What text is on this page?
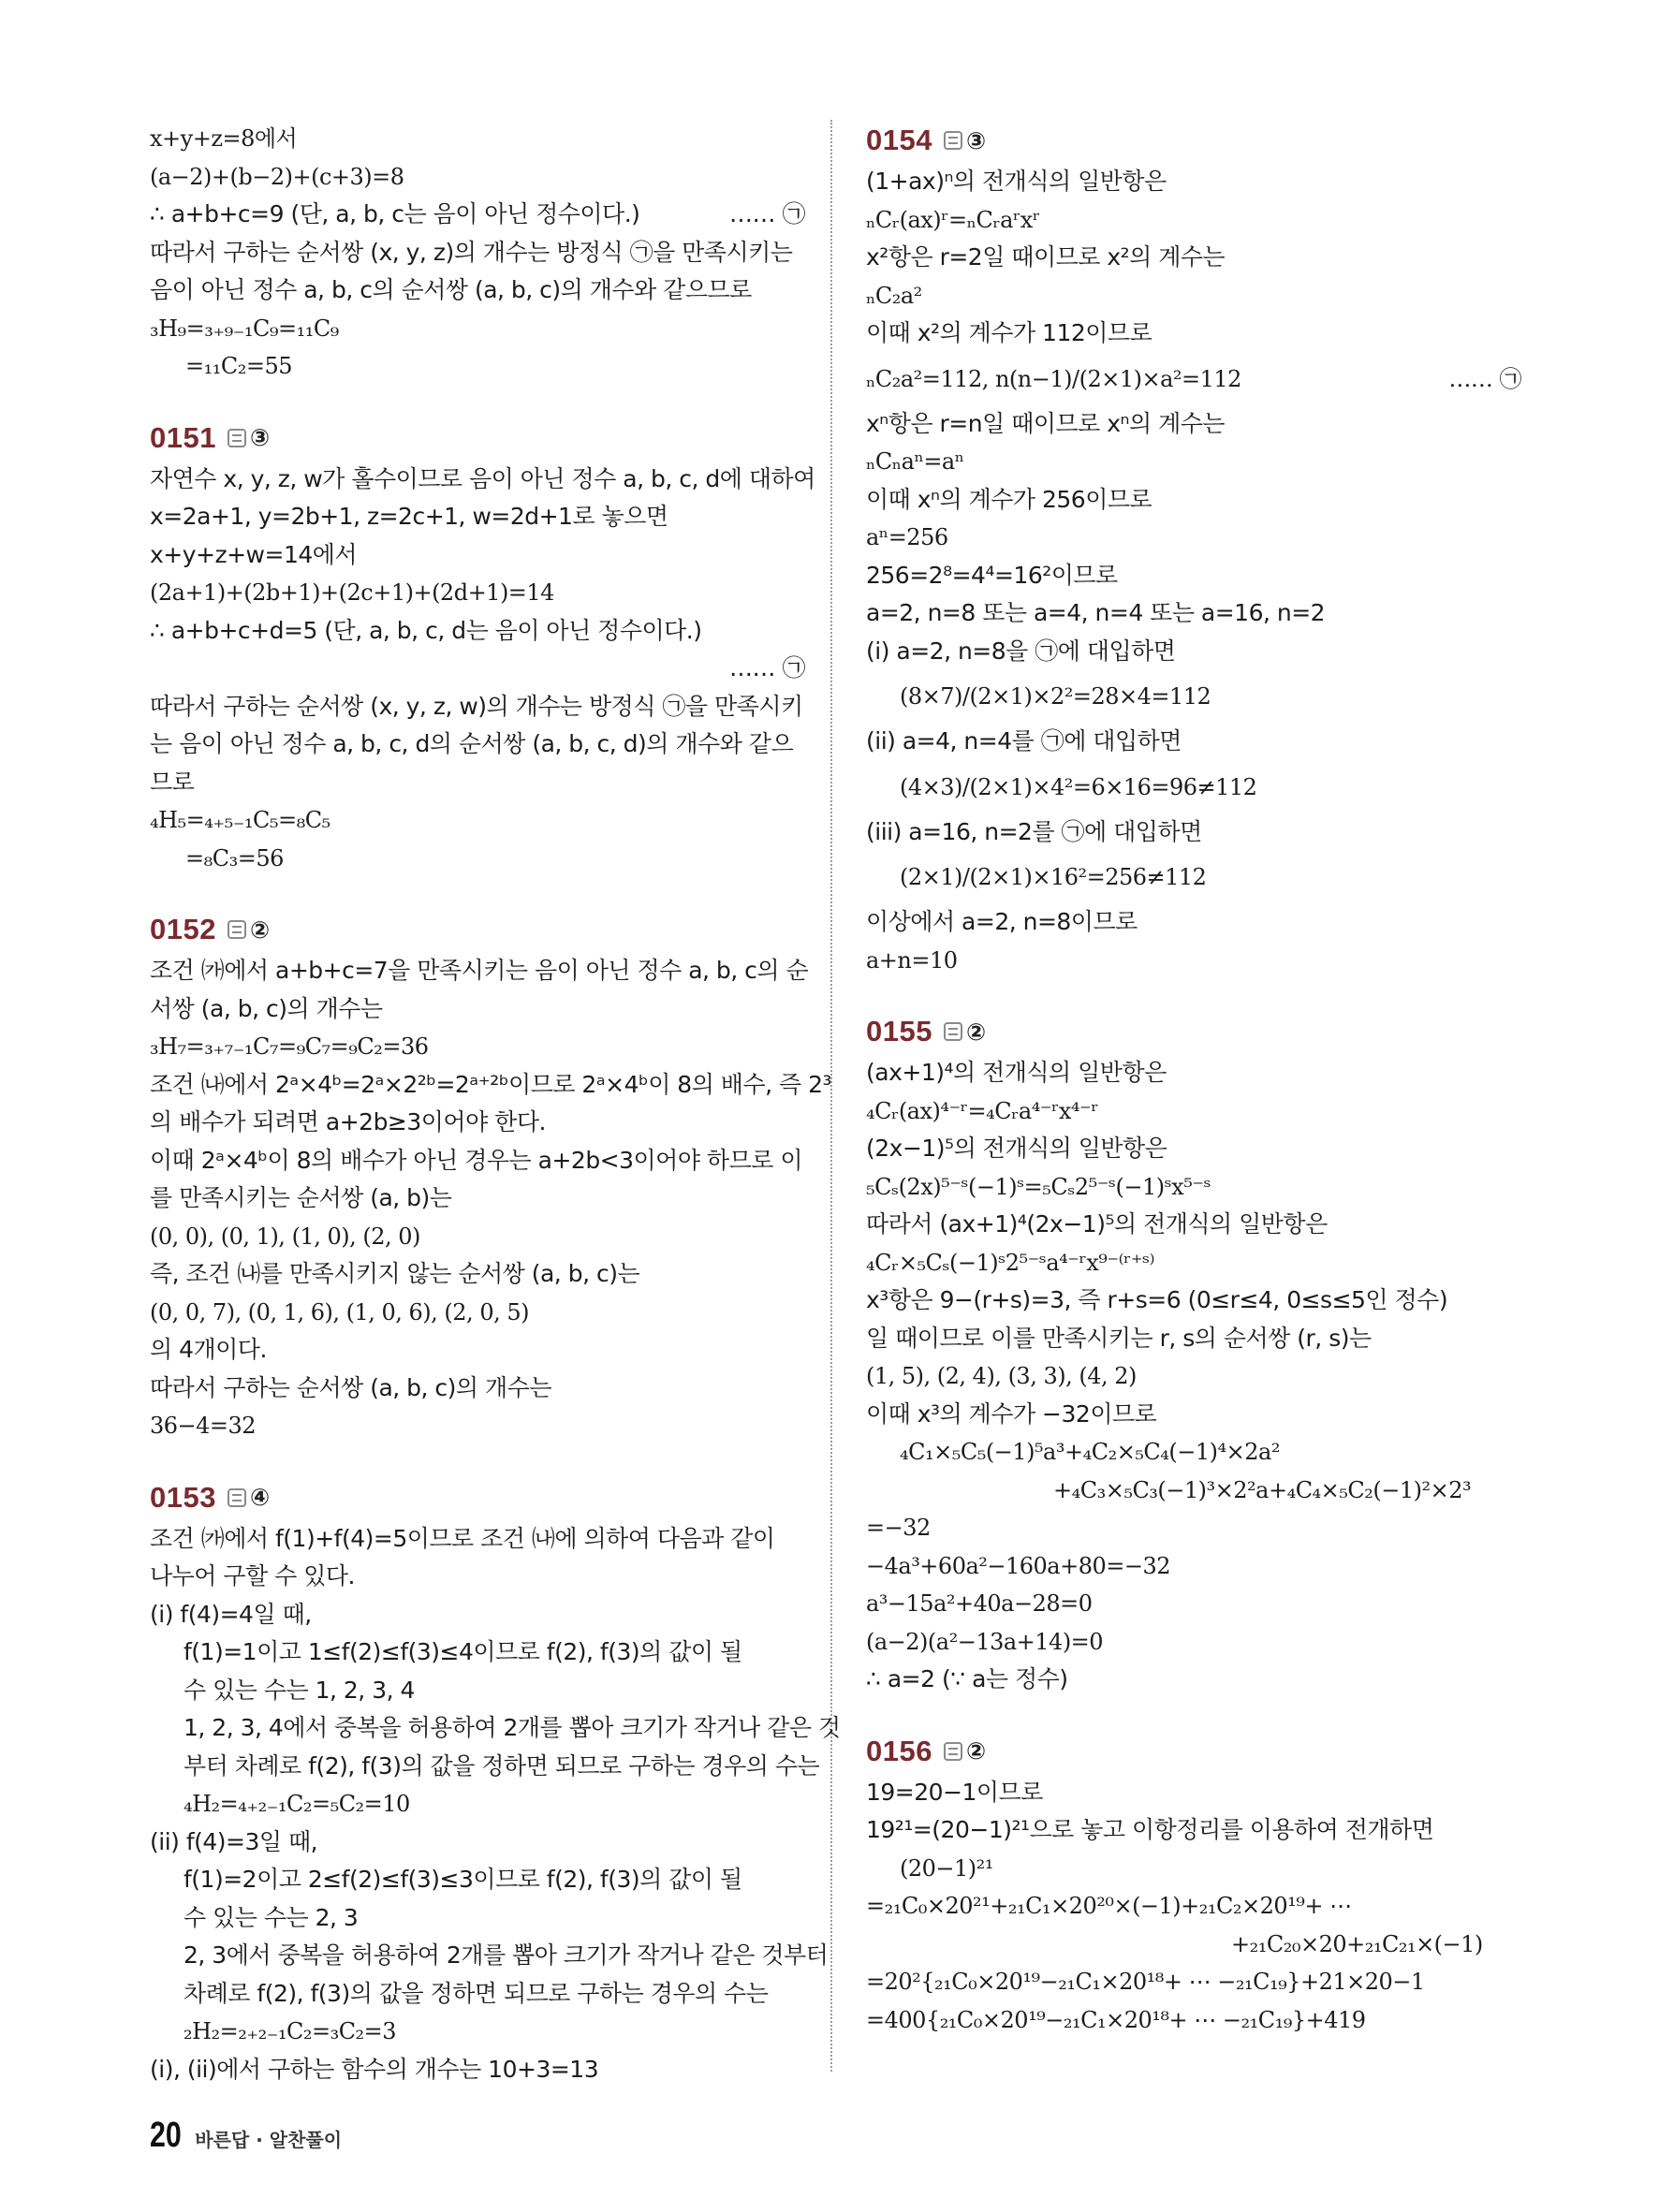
x+y+z=8에서
(a−2)+(b−2)+(c+3)=8
∴ a+b+c=9 (단, a, b, c는 음이 아닌 정수이다.)	…… ㉠
따라서 구하는 순서쌍 (x, y, z)의 개수는 방정식 ㉠을 만족시키는
음이 아닌 정수 a, b, c의 순서쌍 (a, b, c)의 개수와 같으므로
₃H₉=₃₊₉₋₁C₉=₁₁C₉
=₁₁C₂=55
0151 ③
자연수 x, y, z, w가 홀수이므로 음이 아닌 정수 a, b, c, d에 대하여
x=2a+1, y=2b+1, z=2c+1, w=2d+1로 놓으면
x+y+z+w=14에서
(2a+1)+(2b+1)+(2c+1)+(2d+1)=14
∴ a+b+c+d=5 (단, a, b, c, d는 음이 아닌 정수이다.)
…… ㉠
따라서 구하는 순서쌍 (x, y, z, w)의 개수는 방정식 ㉠을 만족시키
는 음이 아닌 정수 a, b, c, d의 순서쌍 (a, b, c, d)의 개수와 같으
므로
₄H₅=₄₊₅₋₁C₅=₈C₅
=₈C₃=56
0152 ②
조건 ㈎에서 a+b+c=7을 만족시키는 음이 아닌 정수 a, b, c의 순
서쌍 (a, b, c)의 개수는
₃H₇=₃₊₇₋₁C₇=₉C₇=₉C₂=36
조건 ㈏에서 2ᵃ×4ᵇ=2ᵃ×2²ᵇ=2ᵃ⁺²ᵇ이므로 2ᵃ×4ᵇ이 8의 배수, 즉 2³
의 배수가 되려면 a+2b≥3이어야 한다.
이때 2ᵃ×4ᵇ이 8의 배수가 아닌 경우는 a+2b<3이어야 하므로 이
를 만족시키는 순서쌍 (a, b)는
(0, 0), (0, 1), (1, 0), (2, 0)
즉, 조건 ㈏를 만족시키지 않는 순서쌍 (a, b, c)는
(0, 0, 7), (0, 1, 6), (1, 0, 6), (2, 0, 5)
의 4개이다.
따라서 구하는 순서쌍 (a, b, c)의 개수는
36−4=32
0153 ④
조건 ㈎에서 f(1)+f(4)=5이므로 조건 ㈏에 의하여 다음과 같이
나누어 구할 수 있다.
(i) f(4)=4일 때,
f(1)=1이고 1≤f(2)≤f(3)≤4이므로 f(2), f(3)의 값이 될
수 있는 수는 1, 2, 3, 4
1, 2, 3, 4에서 중복을 허용하여 2개를 뽑아 크기가 작거나 같은 것
부터 차례로 f(2), f(3)의 값을 정하면 되므로 구하는 경우의 수는
₄H₂=₄₊₂₋₁C₂=₅C₂=10
(ii) f(4)=3일 때,
f(1)=2이고 2≤f(2)≤f(3)≤3이므로 f(2), f(3)의 값이 될
수 있는 수는 2, 3
2, 3에서 중복을 허용하여 2개를 뽑아 크기가 작거나 같은 것부터
차례로 f(2), f(3)의 값을 정하면 되므로 구하는 경우의 수는
₂H₂=₂₊₂₋₁C₂=₃C₂=3
(i), (ii)에서 구하는 함수의 개수는 10+3=13
0154 ③
(1+ax)ⁿ의 전개식의 일반항은
ₙCᵣ(ax)ʳ=ₙCᵣaʳxʳ
x²항은 r=2일 때이므로 x²의 계수는
ₙC₂a²
이때 x²의 계수가 112이므로
ₙC₂a²=112, n(n−1)/(2×1)×a²=112	…… ㉠
xⁿ항은 r=n일 때이므로 xⁿ의 계수는
ₙCₙaⁿ=aⁿ
이때 xⁿ의 계수가 256이므로
aⁿ=256
256=2⁸=4⁴=16²이므로
a=2, n=8 또는 a=4, n=4 또는 a=16, n=2
(i) a=2, n=8을 ㉠에 대입하면
(8×7)/(2×1)×2²=28×4=112
(ii) a=4, n=4를 ㉠에 대입하면
(4×3)/(2×1)×4²=6×16=96≠112
(iii) a=16, n=2를 ㉠에 대입하면
(2×1)/(2×1)×16²=256≠112
이상에서 a=2, n=8이므로
a+n=10
0155 ②
(ax+1)⁴의 전개식의 일반항은
₄Cᵣ(ax)⁴⁻ʳ=₄Cᵣa⁴⁻ʳx⁴⁻ʳ
(2x−1)⁵의 전개식의 일반항은
₅Cₛ(2x)⁵⁻ˢ(−1)ˢ=₅Cₛ2⁵⁻ˢ(−1)ˢx⁵⁻ˢ
따라서 (ax+1)⁴(2x−1)⁵의 전개식의 일반항은
₄Cᵣ×₅Cₛ(−1)ˢ2⁵⁻ˢa⁴⁻ʳx⁹⁻⁽ʳ⁺ˢ⁾
x³항은 9−(r+s)=3, 즉 r+s=6 (0≤r≤4, 0≤s≤5인 정수)
일 때이므로 이를 만족시키는 r, s의 순서쌍 (r, s)는
(1, 5), (2, 4), (3, 3), (4, 2)
이때 x³의 계수가 −32이므로
₄C₁×₅C₅(−1)⁵a³+₄C₂×₅C₄(−1)⁴×2a²
+₄C₃×₅C₃(−1)³×2²a+₄C₄×₅C₂(−1)²×2³
=−32
−4a³+60a²−160a+80=−32
a³−15a²+40a−28=0
(a−2)(a²−13a+14)=0
∴ a=2 (∵ a는 정수)
0156 ②
19=20−1이므로
19²¹=(20−1)²¹으로 놓고 이항정리를 이용하여 전개하면
(20−1)²¹
=₂₁C₀×20²¹+₂₁C₁×20²⁰×(−1)+₂₁C₂×20¹⁹+ ⋯
+₂₁C₂₀×20+₂₁C₂₁×(−1)
=20²{₂₁C₀×20¹⁹−₂₁C₁×20¹⁸+ ⋯ −₂₁C₁₉}+21×20−1
=400{₂₁C₀×20¹⁹−₂₁C₁×20¹⁸+ ⋯ −₂₁C₁₉}+419
20 바른답 · 알찬풀이
